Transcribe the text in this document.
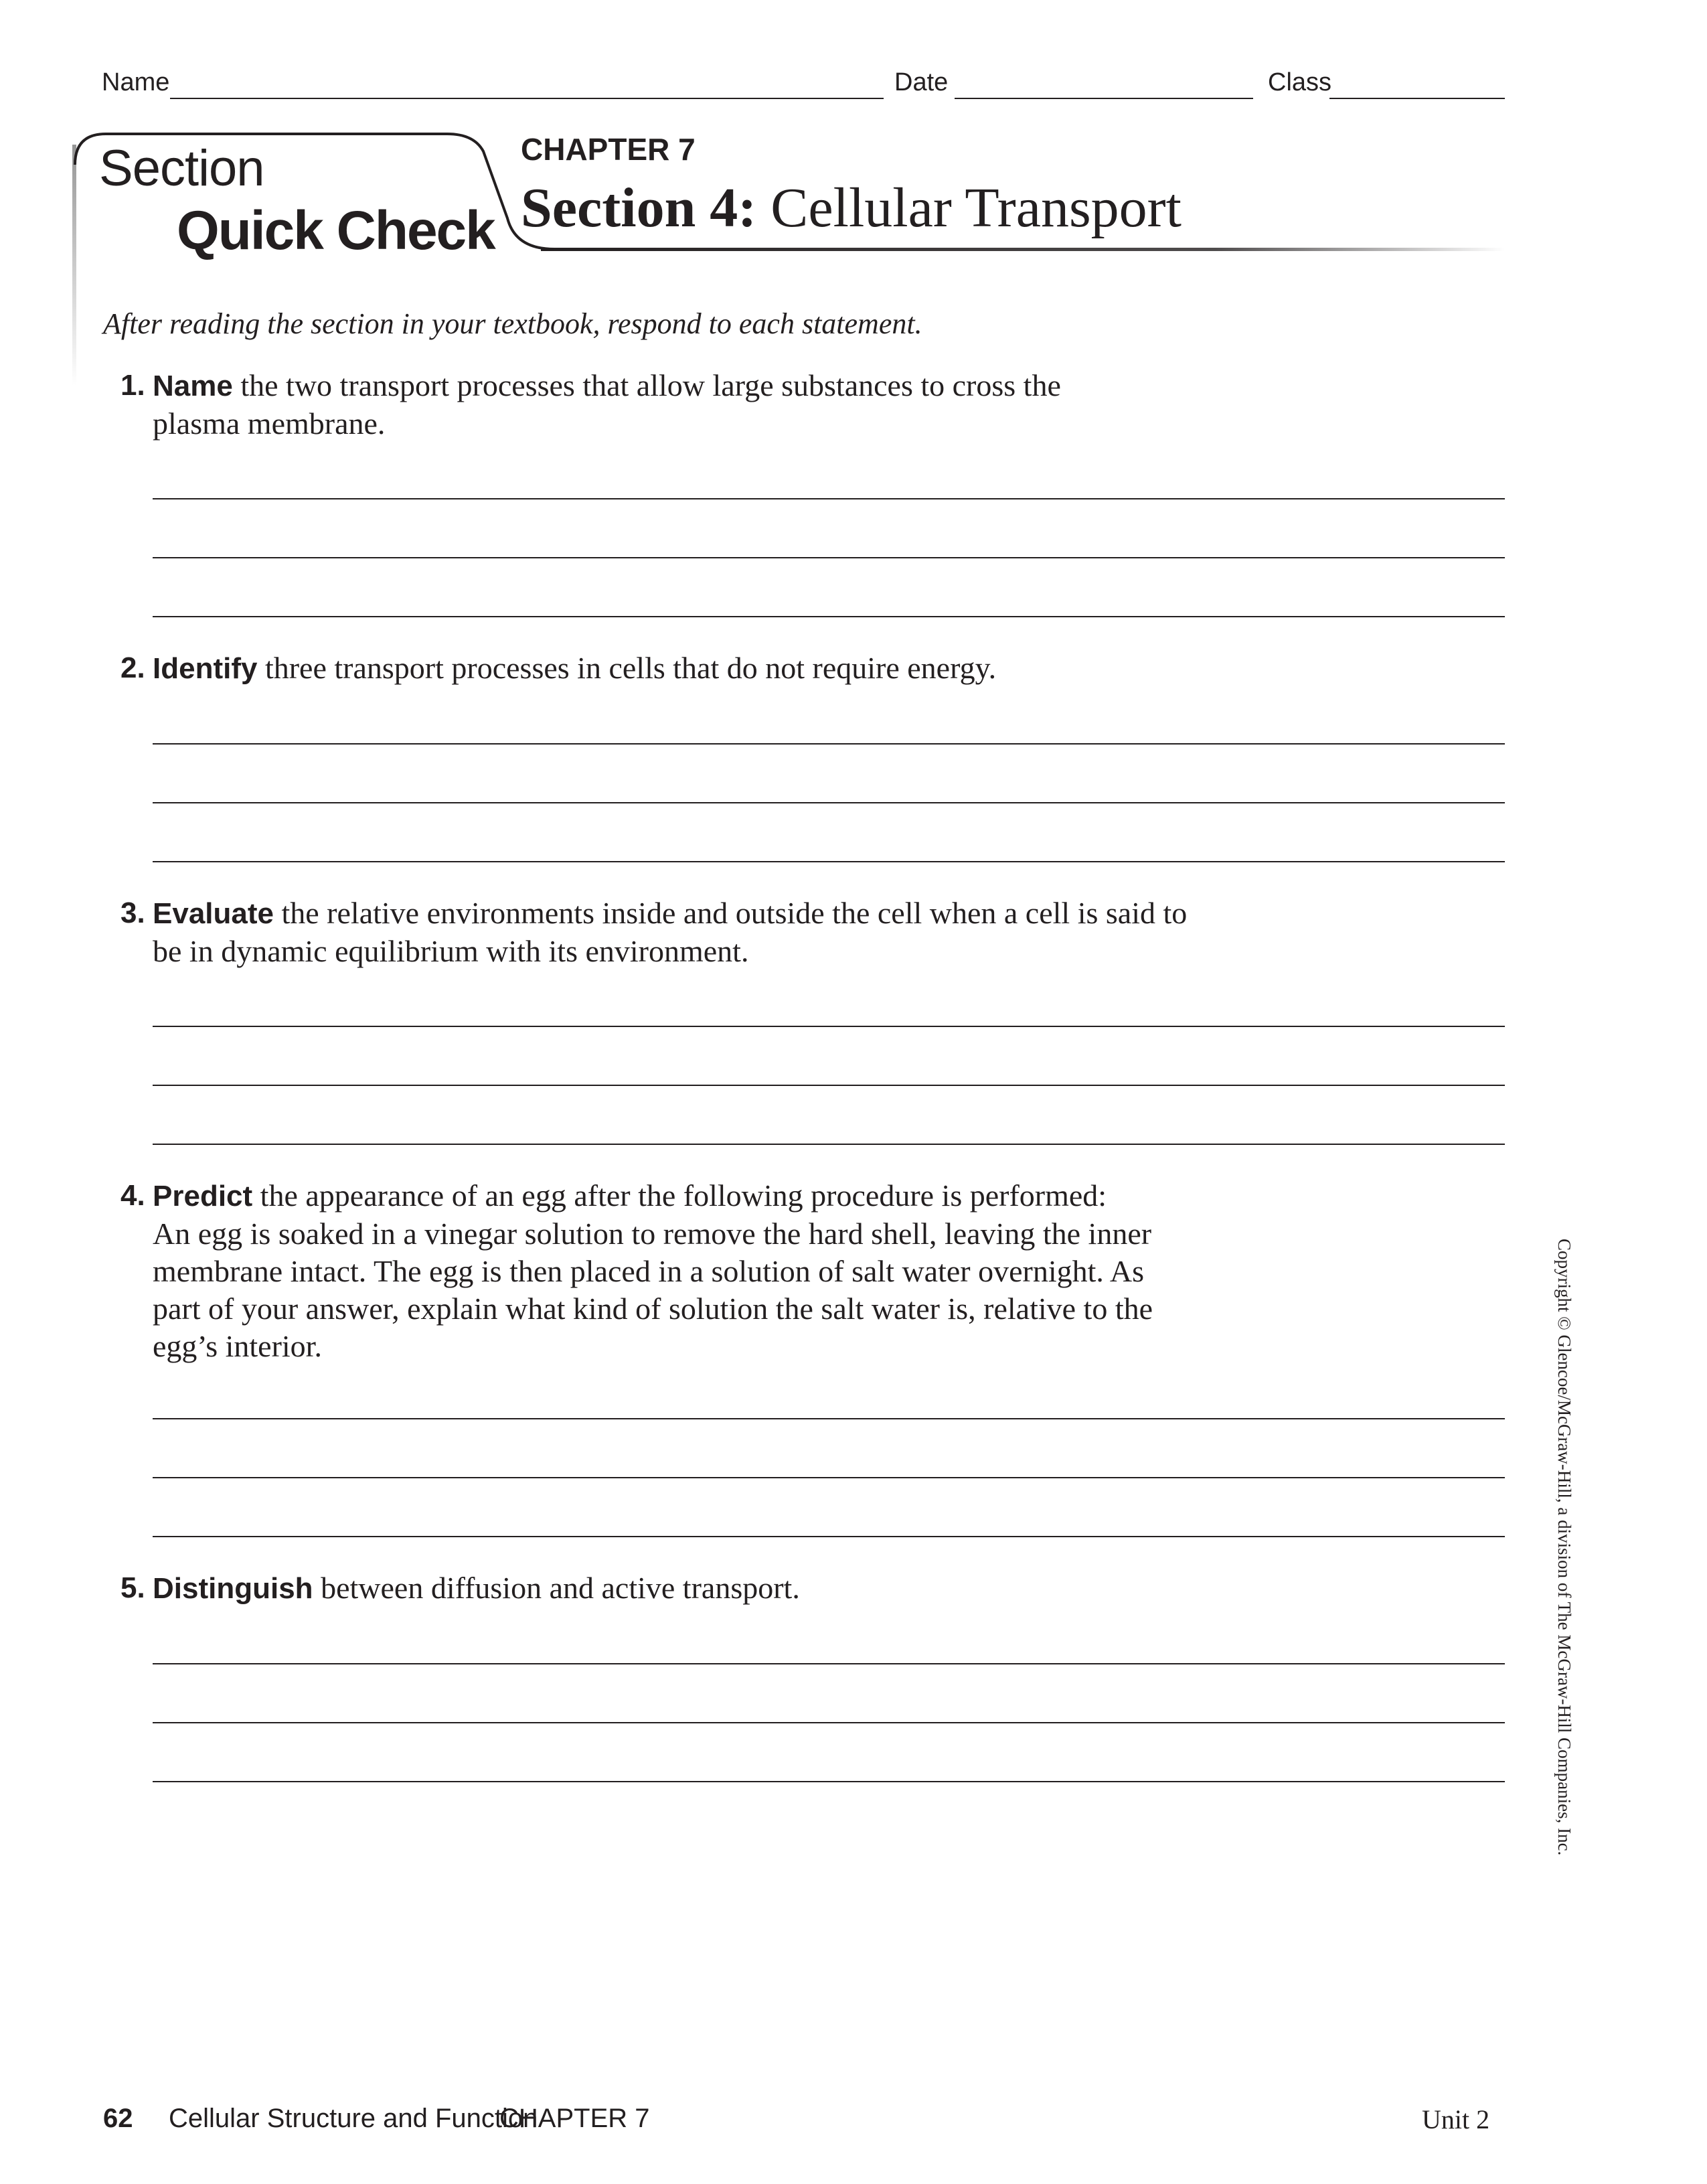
Name	Date	Class
Section
Quick Check
CHAPTER 7
Section 4: Cellular Transport
After reading the section in your textbook, respond to each statement.
1. Name the two transport processes that allow large substances to cross the
plasma membrane.
2. Identify three transport processes in cells that do not require energy.
3. Evaluate the relative environments inside and outside the cell when a cell is said to
be in dynamic equilibrium with its environment.
4. Predict the appearance of an egg after the following procedure is performed:
An egg is soaked in a vinegar solution to remove the hard shell, leaving the inner
membrane intact. The egg is then placed in a solution of salt water overnight. As
part of your answer, explain what kind of solution the salt water is, relative to the
egg’s interior.
5. Distinguish between diffusion and active transport.	Copyright © Glencoe/McGraw-Hill, a division of The McGraw-Hill Companies, Inc.
62 Cellular Structure and Function
CHAPTER 7	Unit 2
